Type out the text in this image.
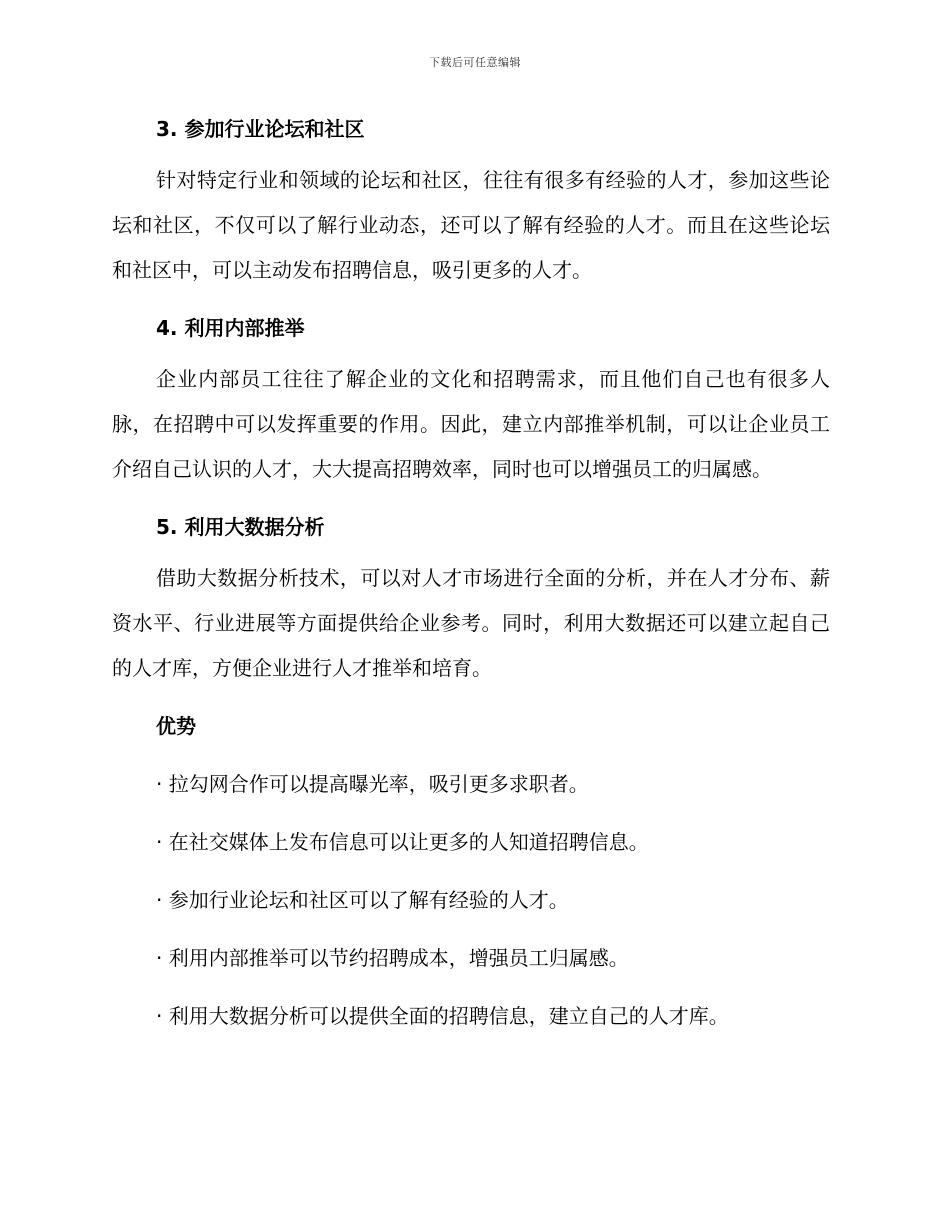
下载后可任意编辑
3. 参加行业论坛和社区

针对特定行业和领域的论坛和社区，往往有很多有经验的人才，参加这些论坛和社区，不仅可以了解行业动态，还可以了解有经验的人才。而且在这些论坛和社区中，可以主动发布招聘信息，吸引更多的人才。

4. 利用内部推举

企业内部员工往往了解企业的文化和招聘需求，而且他们自己也有很多人脉，在招聘中可以发挥重要的作用。因此，建立内部推举机制，可以让企业员工介绍自己认识的人才，大大提高招聘效率，同时也可以增强员工的归属感。

5. 利用大数据分析

借助大数据分析技术，可以对人才市场进行全面的分析，并在人才分布、薪资水平、行业进展等方面提供给企业参考。同时，利用大数据还可以建立起自己的人才库，方便企业进行人才推举和培育。

优势

· 拉勾网合作可以提高曝光率，吸引更多求职者。

· 在社交媒体上发布信息可以让更多的人知道招聘信息。

· 参加行业论坛和社区可以了解有经验的人才。

· 利用内部推举可以节约招聘成本，增强员工归属感。

· 利用大数据分析可以提供全面的招聘信息，建立自己的人才库。
